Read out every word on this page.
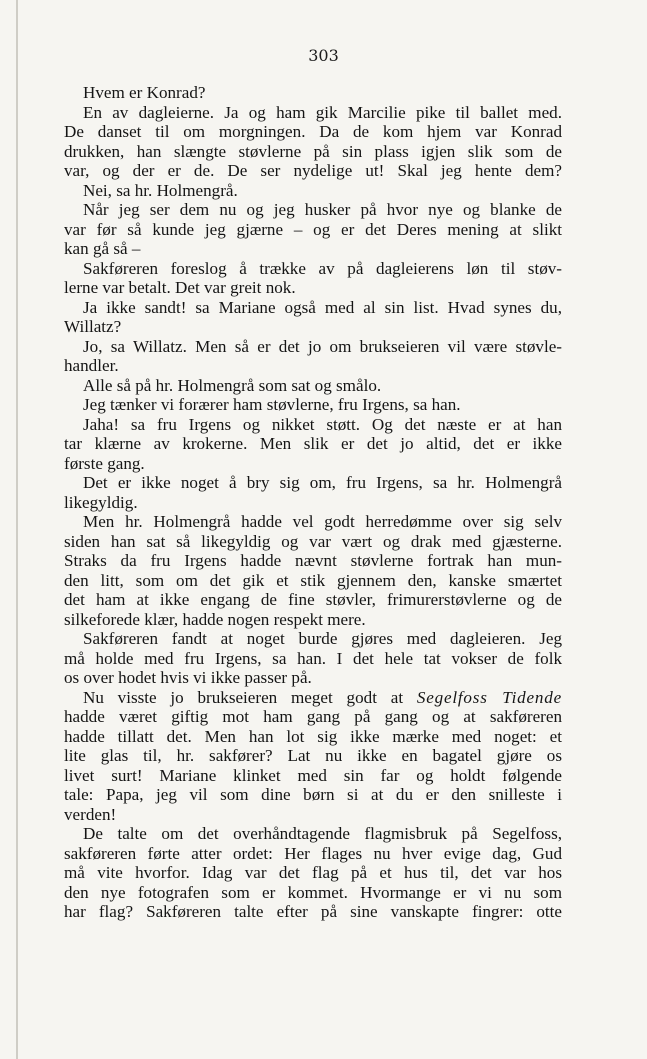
303
Hvem er Konrad?
En av dagleierne. Ja og ham gik Marcilie pike til ballet med.
De danset til om morgningen. Da de kom hjem var Konrad
drukken, han slængte støvlerne på sin plass igjen slik som de
var, og der er de. De ser nydelige ut! Skal jeg hente dem?
Nei, sa hr. Holmengrå.
Når jeg ser dem nu og jeg husker på hvor nye og blanke de
var før så kunde jeg gjærne – og er det Deres mening at slikt
kan gå så –
Sakføreren foreslog å trække av på dagleierens løn til støv-
lerne var betalt. Det var greit nok.
Ja ikke sandt! sa Mariane også med al sin list. Hvad synes du,
Willatz?
Jo, sa Willatz. Men så er det jo om brukseieren vil være støvle-
handler.
Alle så på hr. Holmengrå som sat og smålo.
Jeg tænker vi forærer ham støvlerne, fru Irgens, sa han.
Jaha! sa fru Irgens og nikket støtt. Og det næste er at han
tar klærne av krokerne. Men slik er det jo altid, det er ikke
første gang.
Det er ikke noget å bry sig om, fru Irgens, sa hr. Holmengrå
likegyldig.
Men hr. Holmengrå hadde vel godt herredømme over sig selv
siden han sat så likegyldig og var vært og drak med gjæsterne.
Straks da fru Irgens hadde nævnt støvlerne fortrak han mun-
den litt, som om det gik et stik gjennem den, kanske smærtet
det ham at ikke engang de fine støvler, frimurerstøvlerne og de
silkeforede klær, hadde nogen respekt mere.
Sakføreren fandt at noget burde gjøres med dagleieren. Jeg
må holde med fru Irgens, sa han. I det hele tat vokser de folk
os over hodet hvis vi ikke passer på.
Nu visste jo brukseieren meget godt at Segelfoss Tidende
hadde været giftig mot ham gang på gang og at sakføreren
hadde tillatt det. Men han lot sig ikke mærke med noget: et
lite glas til, hr. sakfører? Lat nu ikke en bagatel gjøre os
livet surt! Mariane klinket med sin far og holdt følgende
tale: Papa, jeg vil som dine børn si at du er den snilleste i
verden!
De talte om det overhåndtagende flagmisbruk på Segelfoss,
sakføreren førte atter ordet: Her flages nu hver evige dag, Gud
må vite hvorfor. Idag var det flag på et hus til, det var hos
den nye fotografen som er kommet. Hvormange er vi nu som
har flag? Sakføreren talte efter på sine vanskapte fingrer: otte
